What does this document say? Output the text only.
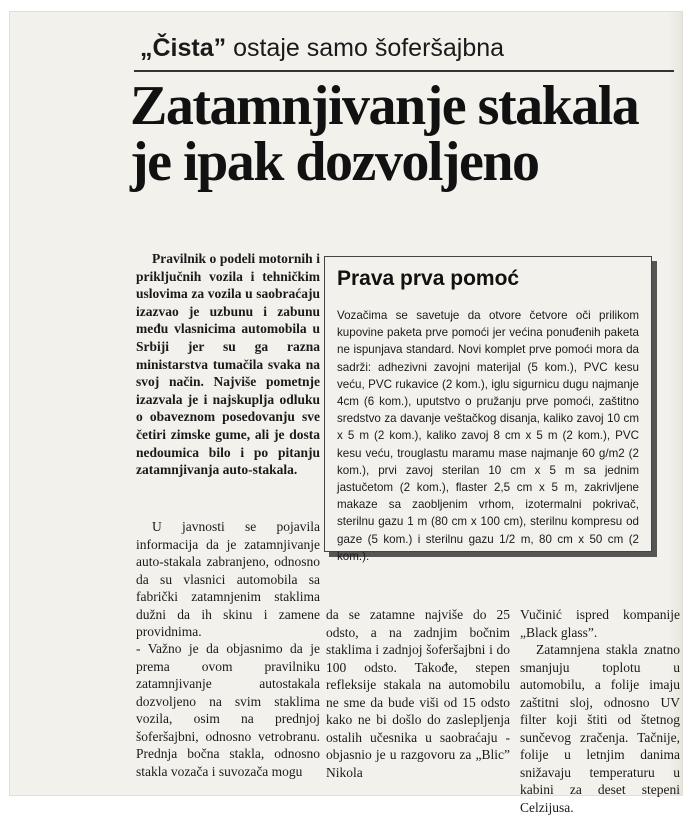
„Čista” ostaje samo šoferšajbna
Zatamnjivanje stakala je ipak dozvoljeno

Pravilnik o podeli motornih i priključnih vozila i tehničkim uslovima za vozila u saobraćaju izazvao je uzbunu i zabunu među vlasnicima automobila u Srbiji jer su ga razna ministarstva tumačila svaka na svoj način. Najviše pometnje izazvala je i najskuplja odluku o obaveznom posedovanju sve četiri zimske gume, ali je dosta nedoumica bilo i po pitanju zatamnjivanja auto-stakala.

U javnosti se pojavila informacija da je zatamnjivanje auto-stakala zabranjeno, odnosno da su vlasnici automobila sa fabrički zatamnjenim staklima dužni da ih skinu i zamene providnima.

- Važno je da objasnimo da je prema ovom pravilniku zatamnjivanje autostakala dozvoljeno na svim staklima vozila, osim na prednjoj šoferšajbni, odnosno vetrobranu. Prednja bočna stakla, odnosno stakla vozača i suvozača mogu

da se zatamne najviše do 25 odsto, a na zadnjim bočnim staklima i zadnjoj šoferšajbni i do 100 odsto. Takođe, stepen refleksije stakala na automobilu ne sme da bude viši od 15 odsto kako ne bi došlo do zaslepljenja ostalih učesnika u saobraćaju - objasnio je u razgovoru za „Blic” Nikola

Vučinić ispred kompanije „Black glass”.

Zatamnjena stakla znatno smanjuju toplotu u automobilu, a folije imaju zaštitni sloj, odnosno UV filter koji štiti od štetnog sunčevog zračenja. Tačnije, folije u letnjim danima snižavaju temperaturu u kabini za deset stepeni Celzijusa.

Prava prva pomoć

Vozačima se savetuje da otvore četvore oči prilikom kupovine paketa prve pomoći jer većina ponuđenih paketa ne ispunjava standard. Novi komplet prve pomoći mora da sadrži: adhezivni zavojni materijal (5 kom.), PVC kesu veću, PVC rukavice (2 kom.), iglu sigurnicu dugu najmanje 4cm (6 kom.), uputstvo o pružanju prve pomoći, zaštitno sredstvo za davanje veštačkog disanja, kaliko zavoj 10 cm x 5 m (2 kom.), kaliko zavoj 8 cm x 5 m (2 kom.), PVC kesu veću, trouglastu maramu mase najmanje 60 g/m2 (2 kom.), prvi zavoj sterilan 10 cm x 5 m sa jednim jastučetom (2 kom.), flaster 2,5 cm x 5 m, zakrivljene makaze sa zaobljenim vrhom, izotermalni pokrivač, sterilnu gazu 1 m (80 cm x 100 cm), sterilnu kompresu od gaze (5 kom.) i sterilnu gazu 1/2 m, 80 cm x 50 cm (2 kom.).
